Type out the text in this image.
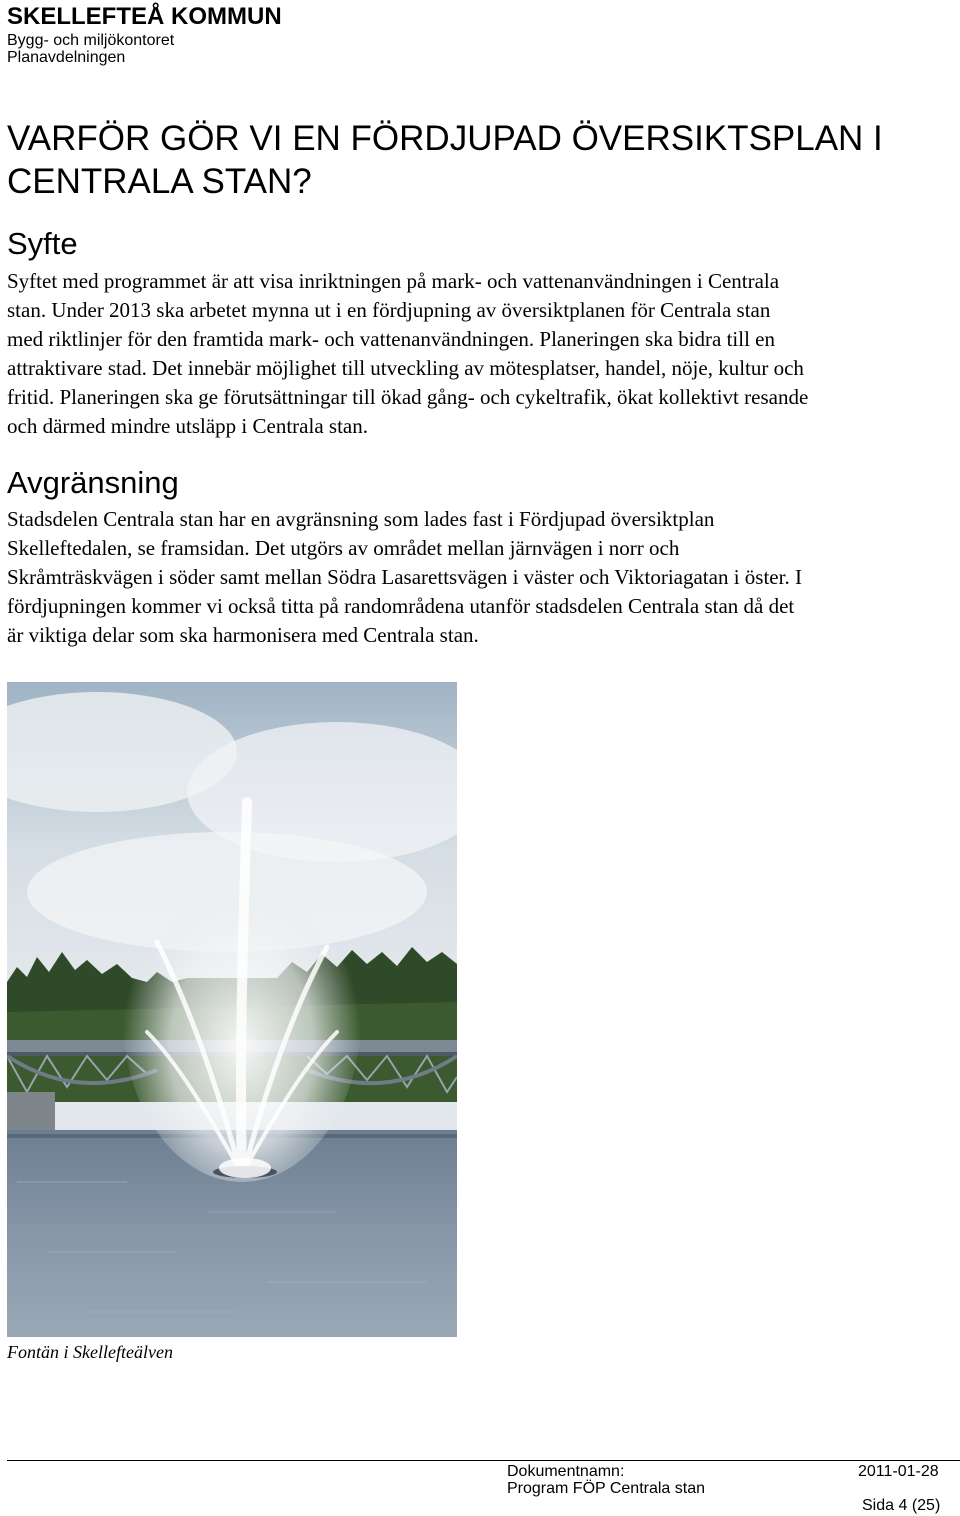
SKELLEFTEÅ KOMMUN
Bygg- och miljökontoret
Planavdelningen
VARFÖR GÖR VI EN FÖRDJUPAD ÖVERSIKTSPLAN I
CENTRALA STAN?
Syfte

Syftet med programmet är att visa inriktningen på mark- och vattenanvändningen i Centrala
stan. Under 2013 ska arbetet mynna ut i en fördjupning av översiktplanen för Centrala stan
med riktlinjer för den framtida mark- och vattenanvändningen. Planeringen ska bidra till en
attraktivare stad. Det innebär möjlighet till utveckling av mötesplatser, handel, nöje, kultur och
fritid. Planeringen ska ge förutsättningar till ökad gång- och cykeltrafik, ökat kollektivt resande
och därmed mindre utsläpp i Centrala stan.

Avgränsning

Stadsdelen Centrala stan har en avgränsning som lades fast i Fördjupad översiktplan
Skelleftedalen, se framsidan. Det utgörs av området mellan järnvägen i norr och
Skråmträskvägen i söder samt mellan Södra Lasarettsvägen i väster och Viktoriagatan i öster. I
fördjupningen kommer vi också titta på randområdena utanför stadsdelen Centrala stan då det
är viktiga delar som ska harmonisera med Centrala stan.

Fontän i Skellefteälven
Dokumentnamn:
Program FÖP Centrala stan
2011-01-28
Sida 4 (25)
